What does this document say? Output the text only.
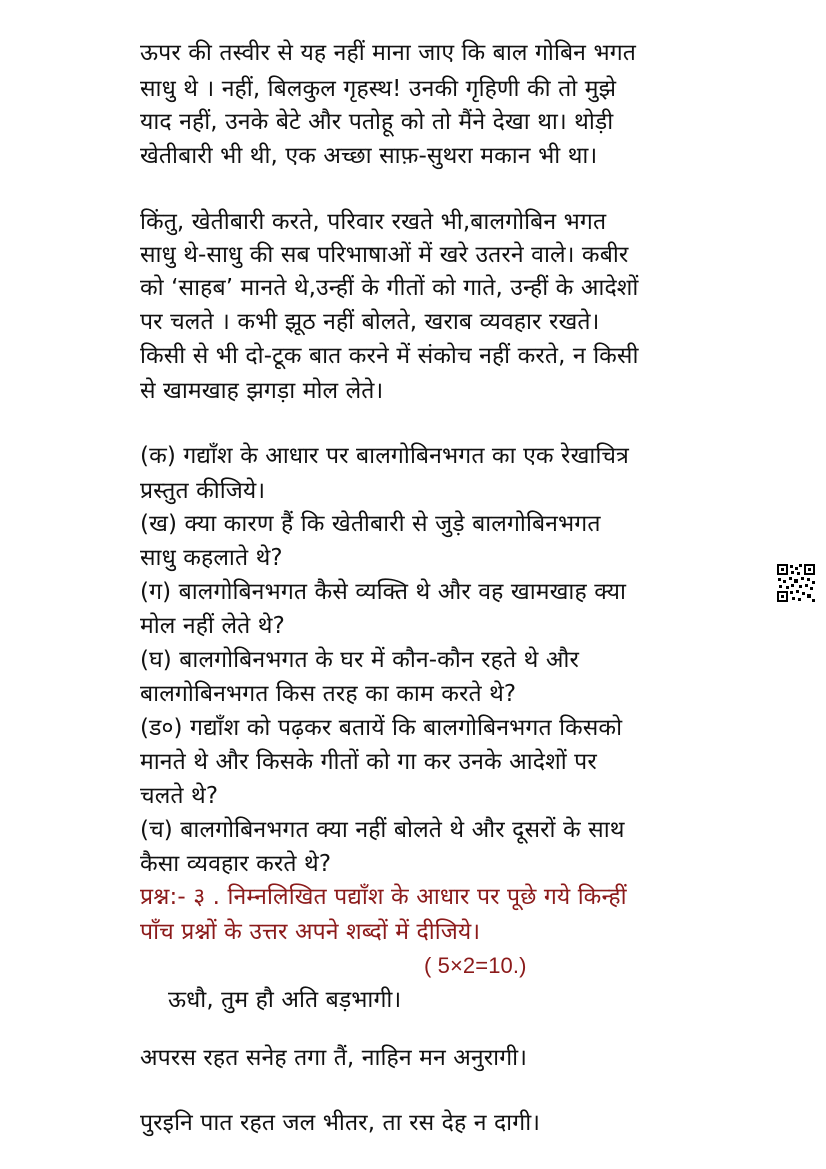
ऊपर की तस्वीर से यह नहीं माना जाए कि बाल गोबिन भगत
साधु थे । नहीं, बिलकुल गृहस्थ! उनकी गृहिणी की तो मुझे
याद नहीं, उनके बेटे और पतोहू को तो मैंने देखा था। थोड़ी
खेतीबारी भी थी, एक अच्छा साफ़-सुथरा मकान भी था।
किंतु, खेतीबारी करते, परिवार रखते भी,बालगोबिन भगत
साधु थे-साधु की सब परिभाषाओं में खरे उतरने वाले। कबीर
को ‘साहब’ मानते थे,उन्हीं के गीतों को गाते, उन्हीं के आदेशों
पर चलते । कभी झूठ नहीं बोलते, खराब व्यवहार रखते।
किसी से भी दो-टूक बात करने में संकोच नहीं करते, न किसी
से खामखाह झगड़ा मोल लेते।
(क) गद्याँश के आधार पर बालगोबिनभगत का एक रेखाचित्र
प्रस्तुत कीजिये।
(ख) क्या कारण हैं कि खेतीबारी से जुड़े बालगोबिनभगत
साधु कहलाते थे?
(ग) बालगोबिनभगत कैसे व्यक्ति थे और वह खामखाह क्या
मोल नहीं लेते थे?
(घ) बालगोबिनभगत के घर में कौन-कौन रहते थे और
बालगोबिनभगत किस तरह का काम करते थे?
(ड०) गद्याँश को पढ़कर बतायें कि बालगोबिनभगत किसको
मानते थे और किसके गीतों को गा कर उनके आदेशों पर
चलते थे?
(च) बालगोबिनभगत क्या नहीं बोलते थे और दूसरों के साथ
कैसा व्यवहार करते थे?
प्रश्न:- ३ . निम्नलिखित पद्याँश के आधार पर पूछे गये किन्हीं
पाँच प्रश्नों के उत्तर अपने शब्दों में दीजिये।
( 5×2=10.)
ऊधौ, तुम हौ अति बड़भागी।
अपरस रहत सनेह तगा तैं, नाहिन मन अनुरागी।
पुरइनि पात रहत जल भीतर, ता रस देह न दागी।
